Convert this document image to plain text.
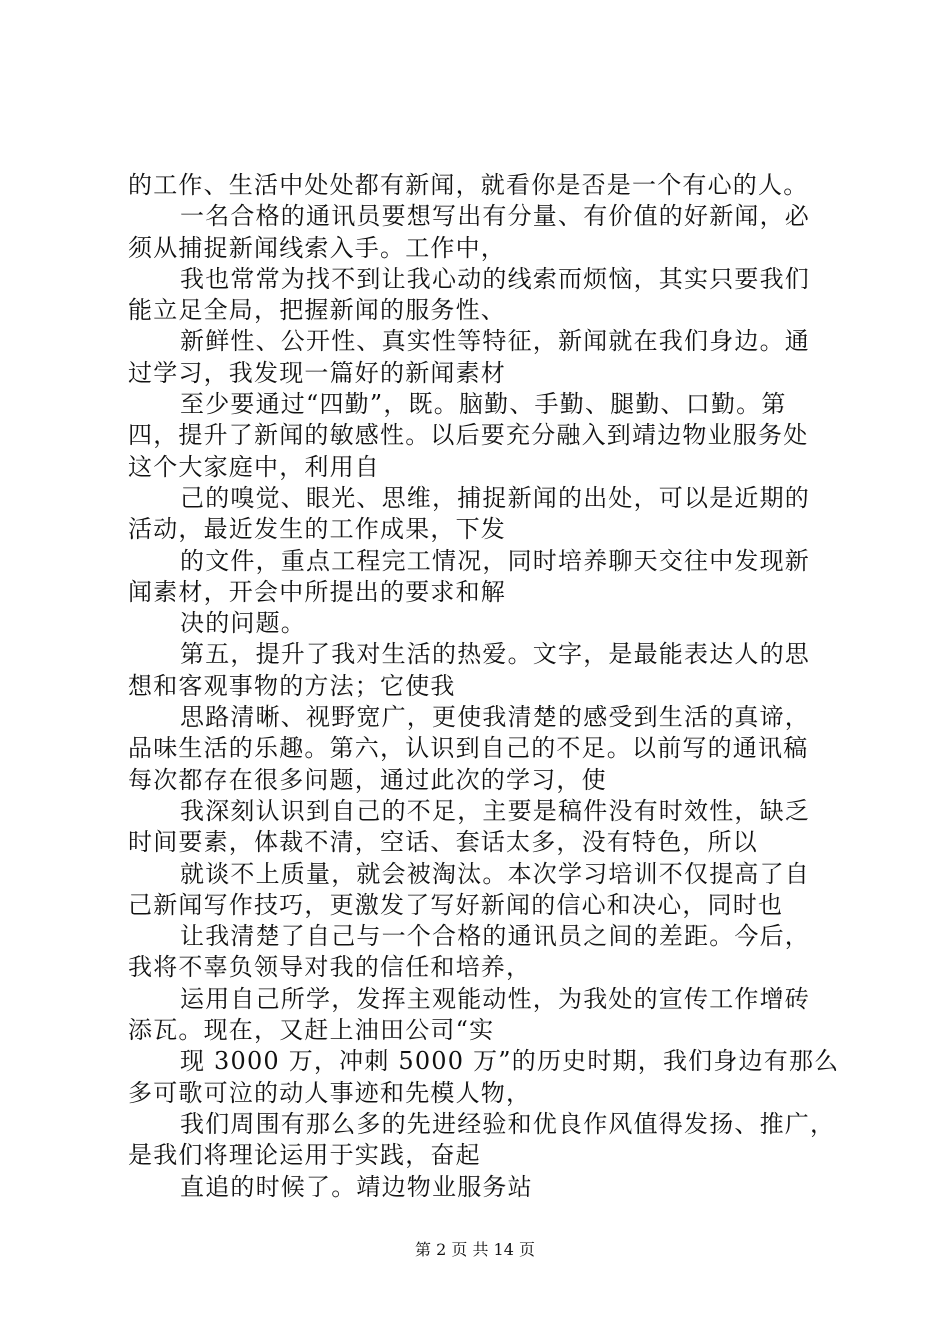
的工作、生活中处处都有新闻，就看你是否是一个有心的人。
一名合格的通讯员要想写出有分量、有价值的好新闻，必
须从捕捉新闻线索入手。工作中，
我也常常为找不到让我心动的线索而烦恼，其实只要我们
能立足全局，把握新闻的服务性、
新鲜性、公开性、真实性等特征，新闻就在我们身边。通
过学习，我发现一篇好的新闻素材
至少要通过“四勤”，既。脑勤、手勤、腿勤、口勤。第
四，提升了新闻的敏感性。以后要充分融入到靖边物业服务处
这个大家庭中，利用自
己的嗅觉、眼光、思维，捕捉新闻的出处，可以是近期的
活动，最近发生的工作成果，下发
的文件，重点工程完工情况，同时培养聊天交往中发现新
闻素材，开会中所提出的要求和解
决的问题。
第五，提升了我对生活的热爱。文字，是最能表达人的思
想和客观事物的方法；它使我
思路清晰、视野宽广，更使我清楚的感受到生活的真谛，
品味生活的乐趣。第六，认识到自己的不足。以前写的通讯稿
每次都存在很多问题，通过此次的学习，使
我深刻认识到自己的不足，主要是稿件没有时效性，缺乏
时间要素，体裁不清，空话、套话太多，没有特色，所以
就谈不上质量，就会被淘汰。本次学习培训不仅提高了自
己新闻写作技巧，更激发了写好新闻的信心和决心，同时也
让我清楚了自己与一个合格的通讯员之间的差距。今后，
我将不辜负领导对我的信任和培养，
运用自己所学，发挥主观能动性，为我处的宣传工作增砖
添瓦。现在，又赶上油田公司“实
现 3000 万，冲刺 5000 万”的历史时期，我们身边有那么
多可歌可泣的动人事迹和先模人物，
我们周围有那么多的先进经验和优良作风值得发扬、推广，
是我们将理论运用于实践，奋起
直追的时候了。靖边物业服务站
第 2 页 共 14 页
